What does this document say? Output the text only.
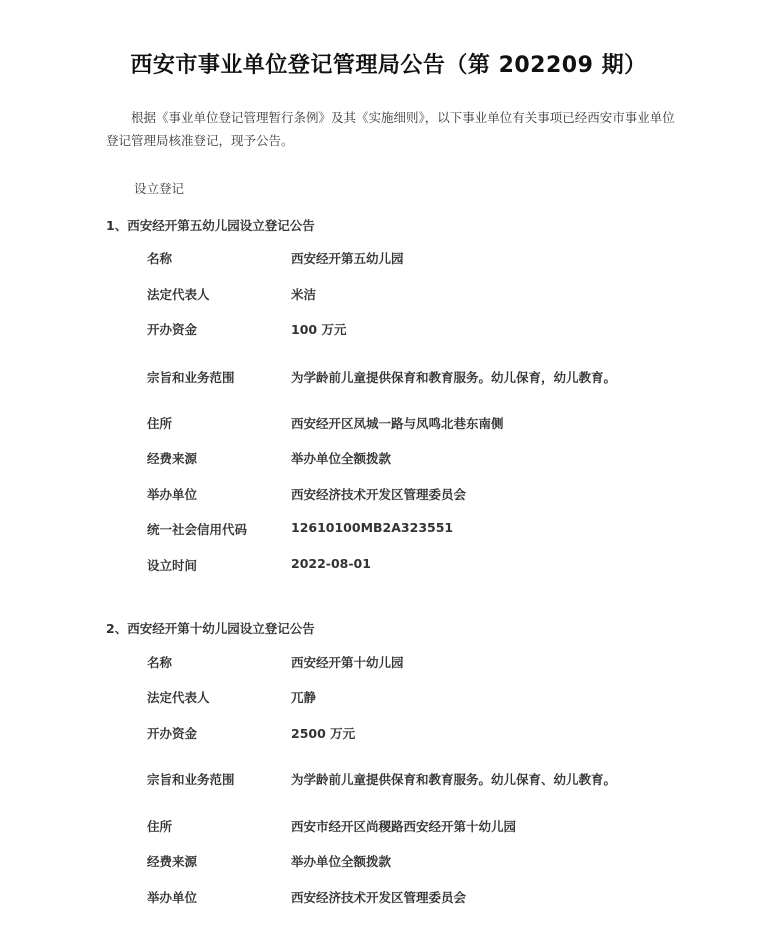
西安市事业单位登记管理局公告（第 202209 期）
根据《事业单位登记管理暂行条例》及其《实施细则》，以下事业单位有关事项已经西安市事业单位登记管理局核准登记，现予公告。
设立登记
1、西安经开第五幼儿园设立登记公告
名称	西安经开第五幼儿园
法定代表人	米洁
开办资金	100 万元
宗旨和业务范围	为学龄前儿童提供保育和教育服务。幼儿保育，幼儿教育。
住所	西安经开区凤城一路与凤鸣北巷东南侧
经费来源	举办单位全额拨款
举办单位	西安经济技术开发区管理委员会
统一社会信用代码	12610100MB2A323551
设立时间	2022-08-01
2、西安经开第十幼儿园设立登记公告
名称	西安经开第十幼儿园
法定代表人	兀静
开办资金	2500 万元
宗旨和业务范围	为学龄前儿童提供保育和教育服务。幼儿保育、幼儿教育。
住所	西安市经开区尚稷路西安经开第十幼儿园
经费来源	举办单位全额拨款
举办单位	西安经济技术开发区管理委员会
